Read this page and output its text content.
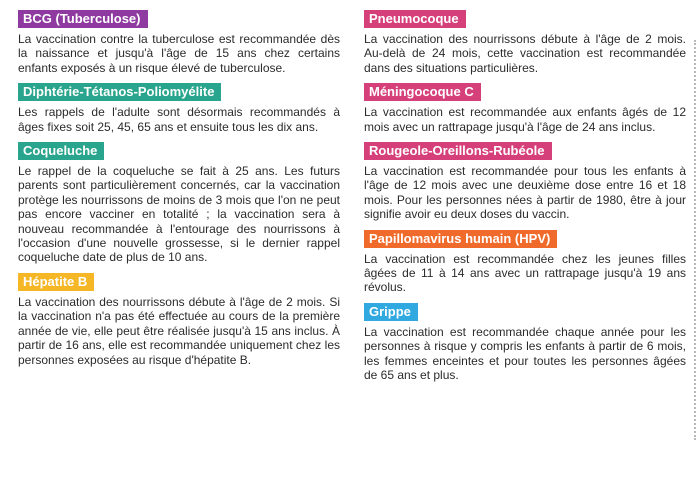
BCG (Tuberculose)

La vaccination contre la tuberculose est recommandée dès la naissance et jusqu'à l'âge de 15 ans chez certains enfants exposés à un risque élevé de tuberculose.

Diphtérie-Tétanos-Poliomyélite

Les rappels de l'adulte sont désormais recommandés à âges fixes soit 25, 45, 65 ans et ensuite tous les dix ans.

Coqueluche

Le rappel de la coqueluche se fait à 25 ans. Les futurs parents sont particulièrement concernés, car la vaccination protège les nourrissons de moins de 3 mois que l'on ne peut pas encore vacciner en totalité ; la vaccination sera à nouveau recommandée à l'entourage des nourrissons à l'occasion d'une nouvelle grossesse, si le dernier rappel coqueluche date de plus de 10 ans.

Hépatite B

La vaccination des nourrissons débute à l'âge de 2 mois. Si la vaccination n'a pas été effectuée au cours de la première année de vie, elle peut être réalisée jusqu'à 15 ans inclus. À partir de 16 ans, elle est recommandée uniquement chez les personnes exposées au risque d'hépatite B.

Pneumocoque

La vaccination des nourrissons débute à l'âge de 2 mois. Au-delà de 24 mois, cette vaccination est recommandée dans des situations particulières.

Méningocoque C

La vaccination est recommandée aux enfants âgés de 12 mois avec un rattrapage jusqu'à l'âge de 24 ans inclus.

Rougeole-Oreillons-Rubéole

La vaccination est recommandée pour tous les enfants à l'âge de 12 mois avec une deuxième dose entre 16 et 18 mois. Pour les personnes nées à partir de 1980, être à jour signifie avoir eu deux doses du vaccin.

Papillomavirus humain (HPV)

La vaccination est recommandée chez les jeunes filles âgées de 11 à 14 ans avec un rattrapage jusqu'à 19 ans révolus.

Grippe

La vaccination est recommandée chaque année pour les personnes à risque y compris les enfants à partir de 6 mois, les femmes enceintes et pour toutes les personnes âgées de 65 ans et plus.
